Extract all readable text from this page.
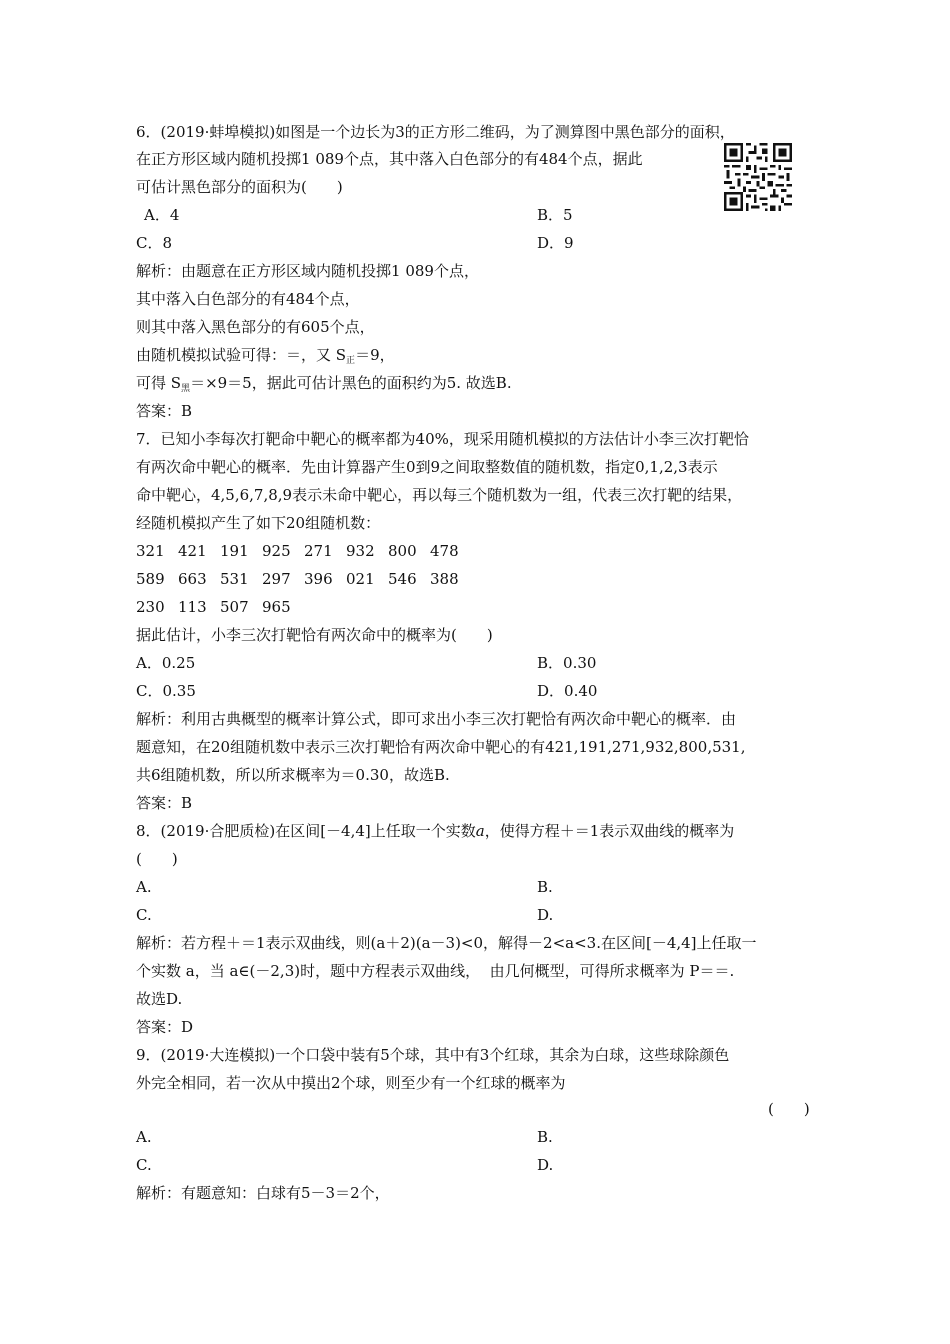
6．(2019·蚌埠模拟)如图是一个边长为3的正方形二维码，为了测算图中黑色部分的面积，
在正方形区域内随机投掷1 089个点，其中落入白色部分的有484个点，据此
可估计黑色部分的面积为(　　)
A．4	B．5
C．8	D．9
解析：由题意在正方形区域内随机投掷1 089个点，
其中落入白色部分的有484个点，
则其中落入黑色部分的有605个点，
由随机模拟试验可得：＝，又 $S_正=9$，
可得 $S_黑=\times 9=5$，据此可估计黑色的面积约为5. 故选B.
答案：B
7．已知小李每次打靶命中靶心的概率都为40%，现采用随机模拟的方法估计小李三次打靶恰
有两次命中靶心的概率．先由计算器产生0到9之间取整数值的随机数，指定0,1,2,3表示
命中靶心，4,5,6,7,8,9表示未命中靶心，再以每三个随机数为一组，代表三次打靶的结果，
经随机模拟产生了如下20组随机数：
321 421 191 925 271 932 800 478
589 663 531 297 396 021 546 388
230 113 507 965
据此估计，小李三次打靶恰有两次命中的概率为(　　)
A．0.25	B．0.30
C．0.35	D．0.40
解析：利用古典概型的概率计算公式，即可求出小李三次打靶恰有两次命中靶心的概率．由
题意知，在20组随机数中表示三次打靶恰有两次命中靶心的有421,191,271,932,800,531,
共6组随机数，所以所求概率为＝0.30，故选B.
答案：B
8．(2019·合肥质检)在区间[－4,4]上任取一个实数a，使得方程＋＝1表示双曲线的概率为
(　　)
A.	B.
C.	D.
解析：若方程＋＝1表示双曲线，则(a＋2)(a－3)<0，解得－2<a<3.在区间[－4,4]上任取一
个实数 a，当 a∈(－2,3)时，题中方程表示双曲线，  由几何概型，可得所求概率为 P＝＝.
故选D.
答案：D
9．(2019·大连模拟)一个口袋中装有5个球，其中有3个红球，其余为白球，这些球除颜色
外完全相同，若一次从中摸出2个球，则至少有一个红球的概率为
(　　)
A.	B.
C.	D.
解析：有题意知：白球有5－3＝2个，
